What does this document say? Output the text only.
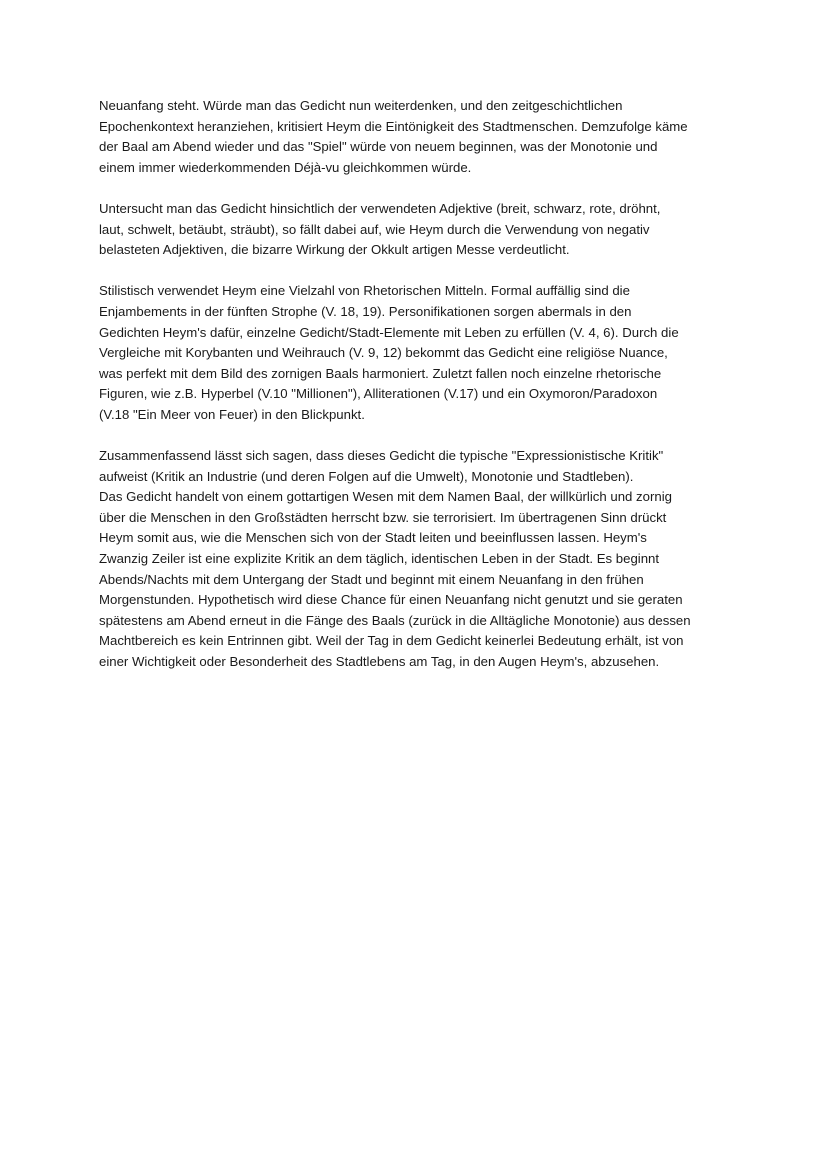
Neuanfang steht. Würde man das Gedicht nun weiterdenken, und den zeitgeschichtlichen
Epochenkontext heranziehen, kritisiert Heym die Eintönigkeit des Stadtmenschen. Demzufolge käme
der Baal am Abend wieder und das "Spiel" würde von neuem beginnen, was der Monotonie und
einem immer wiederkommenden Déjà-vu gleichkommen würde.

Untersucht man das Gedicht hinsichtlich der verwendeten Adjektive (breit, schwarz, rote, dröhnt,
laut, schwelt, betäubt, sträubt), so fällt dabei auf, wie Heym durch die Verwendung von negativ
belasteten Adjektiven, die bizarre Wirkung der Okkult artigen Messe verdeutlicht.

Stilistisch verwendet Heym eine Vielzahl von Rhetorischen Mitteln. Formal auffällig sind die
Enjambements in der fünften Strophe (V. 18, 19). Personifikationen sorgen abermals in den
Gedichten Heym's dafür, einzelne Gedicht/Stadt-Elemente mit Leben zu erfüllen (V. 4, 6). Durch die
Vergleiche mit Korybanten und Weihrauch (V. 9, 12) bekommt das Gedicht eine religiöse Nuance,
was perfekt mit dem Bild des zornigen Baals harmoniert. Zuletzt fallen noch einzelne rhetorische
Figuren, wie z.B. Hyperbel (V.10 "Millionen"), Alliterationen (V.17) und ein Oxymoron/Paradoxon
(V.18 "Ein Meer von Feuer) in den Blickpunkt.

Zusammenfassend lässt sich sagen, dass dieses Gedicht die typische "Expressionistische Kritik"
aufweist (Kritik an Industrie (und deren Folgen auf die Umwelt), Monotonie und Stadtleben).
Das Gedicht handelt von einem gottartigen Wesen mit dem Namen Baal, der willkürlich und zornig
über die Menschen in den Großstädten herrscht bzw. sie terrorisiert. Im übertragenen Sinn drückt
Heym somit aus, wie die Menschen sich von der Stadt leiten und beeinflussen lassen. Heym's
Zwanzig Zeiler ist eine explizite Kritik an dem täglich, identischen Leben in der Stadt. Es beginnt
Abends/Nachts mit dem Untergang der Stadt und beginnt mit einem Neuanfang in den frühen
Morgenstunden. Hypothetisch wird diese Chance für einen Neuanfang nicht genutzt und sie geraten
spätestens am Abend erneut in die Fänge des Baals (zurück in die Alltägliche Monotonie) aus dessen
Machtbereich es kein Entrinnen gibt. Weil der Tag in dem Gedicht keinerlei Bedeutung erhält, ist von
einer Wichtigkeit oder Besonderheit des Stadtlebens am Tag, in den Augen Heym's, abzusehen.
